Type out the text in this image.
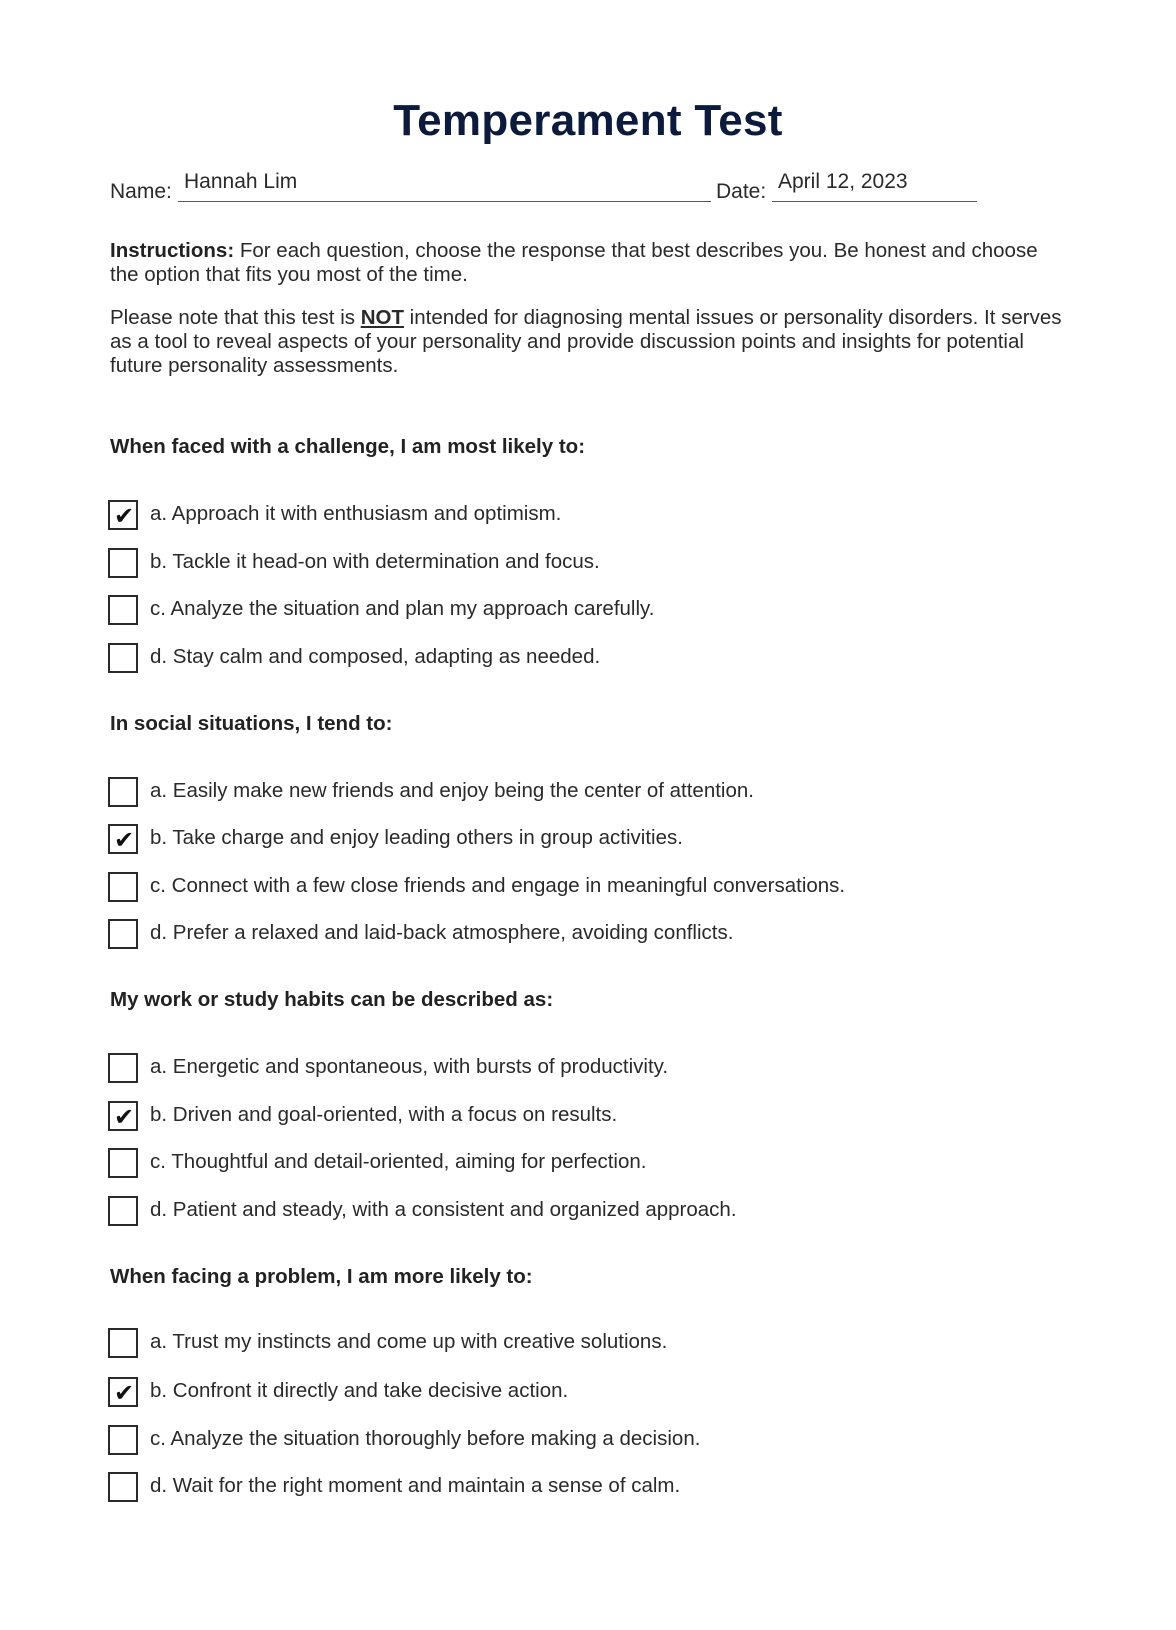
Temperament Test
Name: Hannah Lim	Date: April 12, 2023
Instructions: For each question, choose the response that best describes you. Be honest and choose the option that fits you most of the time.
Please note that this test is NOT intended for diagnosing mental issues or personality disorders. It serves as a tool to reveal aspects of your personality and provide discussion points and insights for potential future personality assessments.
When faced with a challenge, I am most likely to:
✔ a. Approach it with enthusiasm and optimism.
b. Tackle it head-on with determination and focus.
c. Analyze the situation and plan my approach carefully.
d. Stay calm and composed, adapting as needed.
In social situations, I tend to:
a. Easily make new friends and enjoy being the center of attention.
✔ b. Take charge and enjoy leading others in group activities.
c. Connect with a few close friends and engage in meaningful conversations.
d. Prefer a relaxed and laid-back atmosphere, avoiding conflicts.
My work or study habits can be described as:
a. Energetic and spontaneous, with bursts of productivity.
✔ b. Driven and goal-oriented, with a focus on results.
c. Thoughtful and detail-oriented, aiming for perfection.
d. Patient and steady, with a consistent and organized approach.
When facing a problem, I am more likely to:
a. Trust my instincts and come up with creative solutions.
✔ b. Confront it directly and take decisive action.
c. Analyze the situation thoroughly before making a decision.
d. Wait for the right moment and maintain a sense of calm.
